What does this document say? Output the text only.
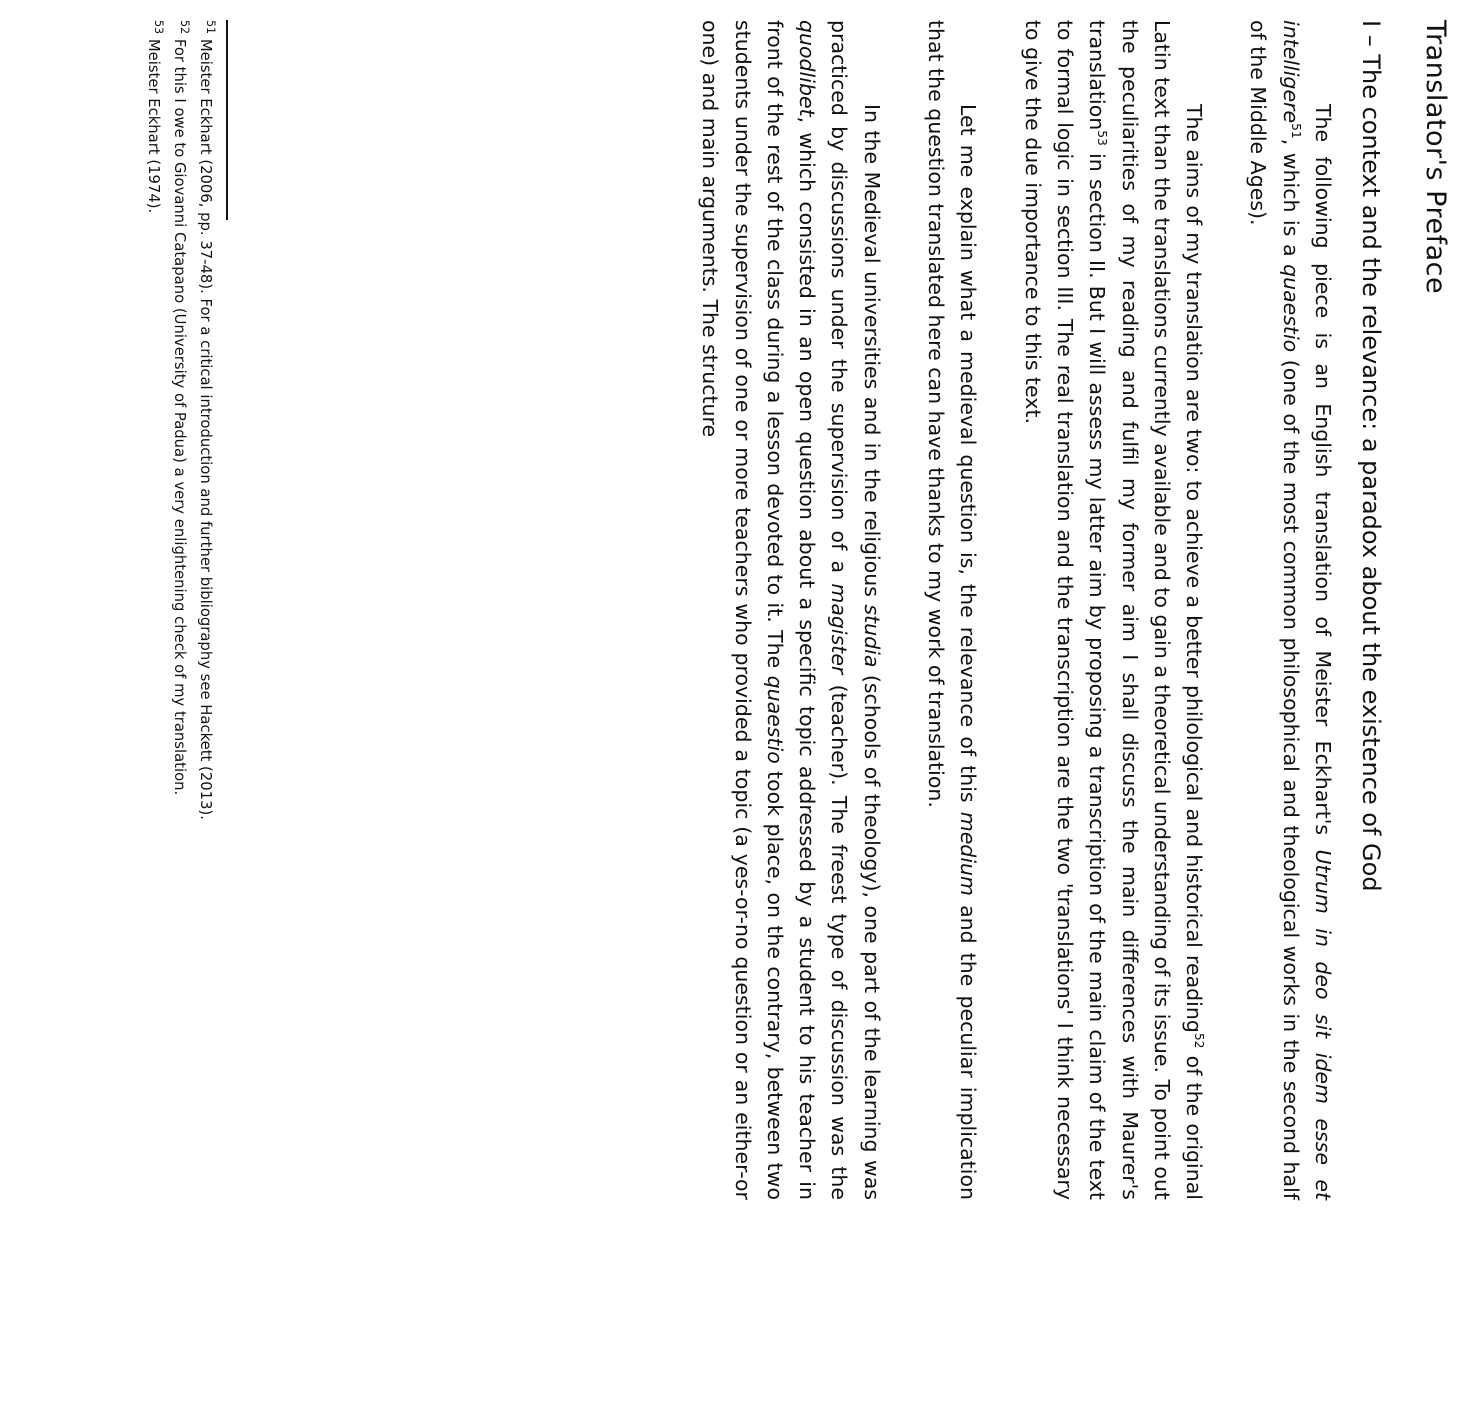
Translator's Preface
I – The context and the relevance: a paradox about the existence of God

The following piece is an English translation of Meister Eckhart's Utrum in deo sit idem esse et intelligere$^{51}$, which is a quaestio (one of the most common philosophical and theological works in the second half of the Middle Ages).

The aims of my translation are two: to achieve a better philological and historical reading$^{52}$ of the original Latin text than the translations currently available and to gain a theoretical understanding of its issue. To point out the peculiarities of my reading and fulfil my former aim I shall discuss the main differences with Maurer's translation$^{53}$ in section II. But I will assess my latter aim by proposing a transcription of the main claim of the text to formal logic in section III. The real translation and the transcription are the two 'translations' I think necessary to give the due importance to this text.

Let me explain what a medieval question is, the relevance of this medium and the peculiar implication that the question translated here can have thanks to my work of translation.

In the Medieval universities and in the religious studia (schools of theology), one part of the learning was practiced by discussions under the supervision of a magister (teacher). The freest type of discussion was the quodlibet, which consisted in an open question about a specific topic addressed by a student to his teacher in front of the rest of the class during a lesson devoted to it. The quaestio took place, on the contrary, between two students under the supervision of one or more teachers who provided a topic (a yes-or-no question or an either-or one) and main arguments. The structure

$^{51}$ Meister Eckhart (2006, pp. 37-48). For a critical introduction and further bibliography see Hackett (2013).

$^{52}$ For this I owe to Giovanni Catapano (University of Padua) a very enlightening check of my translation.

$^{53}$ Meister Eckhart (1974).
